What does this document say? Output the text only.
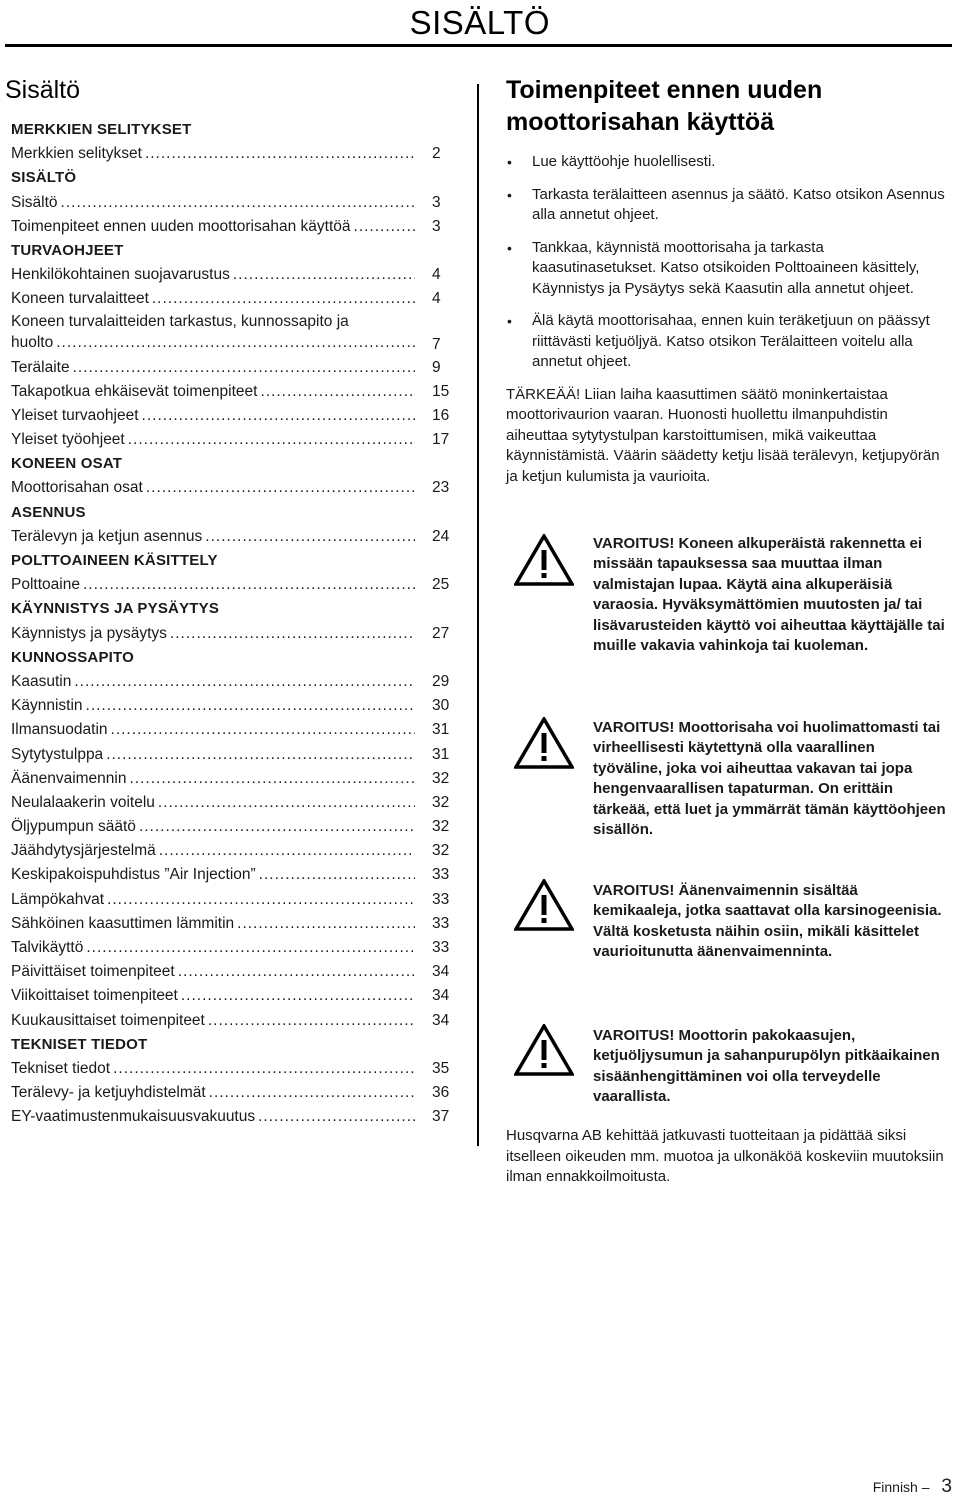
SISÄLTÖ
Sisältö
MERKKIEN SELITYKSET
Merkkien selitykset .....	2
SISÄLTÖ
Sisältö .....	3
Toimenpiteet ennen uuden moottorisahan käyttöä .....	3
TURVAOHJEET
Henkilökohtainen suojavarustus .....	4
Koneen turvalaitteet .....	4
Koneen turvalaitteiden tarkastus, kunnossapito ja
huolto .....	7
Terälaite .....	9
Takapotkua ehkäisevät toimenpiteet .....	15
Yleiset turvaohjeet .....	16
Yleiset työohjeet .....	17
KONEEN OSAT
Moottorisahan osat .....	23
ASENNUS
Terälevyn ja ketjun asennus .....	24
POLTTOAINEEN KÄSITTELY
Polttoaine .....	25
KÄYNNISTYS JA PYSÄYTYS
Käynnistys ja pysäytys .....	27
KUNNOSSAPITO
Kaasutin .....	29
Käynnistin .....	30
Ilmansuodatin .....	31
Sytytystulppa .....	31
Äänenvaimennin .....	32
Neulalaakerin voitelu .....	32
Öljypumpun säätö .....	32
Jäähdytysjärjestelmä .....	32
Keskipakoispuhdistus ”Air Injection” .....	33
Lämpökahvat .....	33
Sähköinen kaasuttimen lämmitin .....	33
Talvikäyttö .....	33
Päivittäiset toimenpiteet .....	34
Viikoittaiset toimenpiteet .....	34
Kuukausittaiset toimenpiteet .....	34
TEKNISET TIEDOT
Tekniset tiedot .....	35
Terälevy- ja ketjuyhdistelmät .....	36
EY-vaatimustenmukaisuusvakuutus .....	37
Toimenpiteet ennen uuden moottorisahan käyttöä
• Lue käyttöohje huolellisesti.
• Tarkasta terälaitteen asennus ja säätö. Katso otsikon Asennus alla annetut ohjeet.
• Tankkaa, käynnistä moottorisaha ja tarkasta kaasutinasetukset. Katso otsikoiden Polttoaineen käsittely, Käynnistys ja Pysäytys sekä Kaasutin alla annetut ohjeet.
• Älä käytä moottorisahaa, ennen kuin teräketjuun on päässyt riittävästi ketjuöljyä. Katso otsikon Terälaitteen voitelu alla annetut ohjeet.

TÄRKEÄÄ! Liian laiha kaasuttimen säätö moninkertaistaa moottorivaurion vaaran. Huonosti huollettu ilmanpuhdistin aiheuttaa sytytystulpan karstoittumisen, mikä vaikeuttaa käynnistämistä. Väärin säädetty ketju lisää terälevyn, ketjupyörän ja ketjun kulumista ja vaurioita.

VAROITUS! Koneen alkuperäistä rakennetta ei missään tapauksessa saa muuttaa ilman valmistajan lupaa. Käytä aina alkuperäisiä varaosia. Hyväksymättömien muutosten ja/ tai lisävarusteiden käyttö voi aiheuttaa käyttäjälle tai muille vakavia vahinkoja tai kuoleman.
VAROITUS! Moottorisaha voi huolimattomasti tai virheellisesti käytettynä olla vaarallinen työväline, joka voi aiheuttaa vakavan tai jopa hengenvaarallisen tapaturman. On erittäin tärkeää, että luet ja ymmärrät tämän käyttöohjeen sisällön.
VAROITUS! Äänenvaimennin sisältää kemikaaleja, jotka saattavat olla karsinogeenisia. Vältä kosketusta näihin osiin, mikäli käsittelet vaurioitunutta äänenvaimenninta.
VAROITUS! Moottorin pakokaasujen, ketjuöljysumun ja sahanpurupölyn pitkäaikainen sisäänhengittäminen voi olla terveydelle vaarallista.

Husqvarna AB kehittää jatkuvasti tuotteitaan ja pidättää siksi itselleen oikeuden mm. muotoa ja ulkonäköä koskeviin muutoksiin ilman ennakkoilmoitusta.

Finnish – 3
